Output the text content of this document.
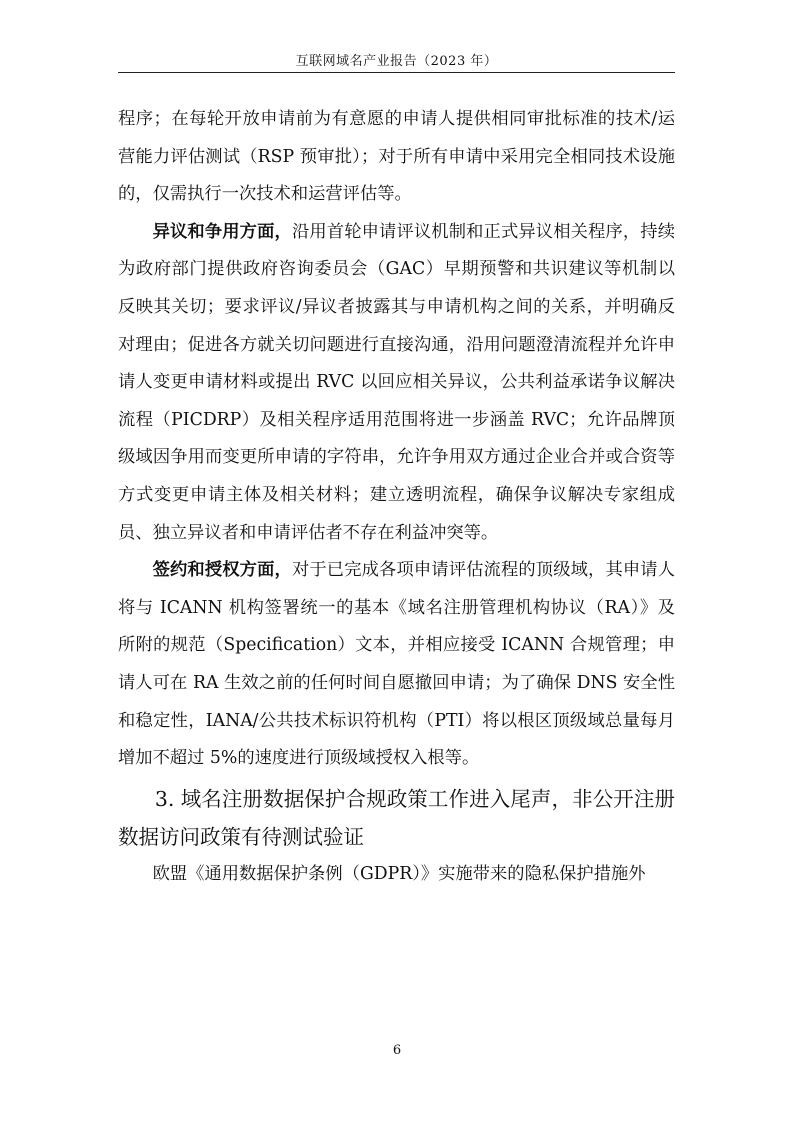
互联网域名产业报告（2023 年）

程序；在每轮开放申请前为有意愿的申请人提供相同审批标准的技术/运营能力评估测试（RSP 预审批）；对于所有申请中采用完全相同技术设施的，仅需执行一次技术和运营评估等。

异议和争用方面，沿用首轮申请评议机制和正式异议相关程序，持续为政府部门提供政府咨询委员会（GAC）早期预警和共识建议等机制以反映其关切；要求评议/异议者披露其与申请机构之间的关系，并明确反对理由；促进各方就关切问题进行直接沟通，沿用问题澄清流程并允许申请人变更申请材料或提出 RVC 以回应相关异议，公共利益承诺争议解决流程（PICDRP）及相关程序适用范围将进一步涵盖 RVC；允许品牌顶级域因争用而变更所申请的字符串，允许争用双方通过企业合并或合资等方式变更申请主体及相关材料；建立透明流程，确保争议解决专家组成员、独立异议者和申请评估者不存在利益冲突等。

签约和授权方面，对于已完成各项申请评估流程的顶级域，其申请人将与 ICANN 机构签署统一的基本《域名注册管理机构协议（RA）》及所附的规范（Specification）文本，并相应接受 ICANN 合规管理；申请人可在 RA 生效之前的任何时间自愿撤回申请；为了确保 DNS 安全性和稳定性，IANA/公共技术标识符机构（PTI）将以根区顶级域总量每月增加不超过 5%的速度进行顶级域授权入根等。

3. 域名注册数据保护合规政策工作进入尾声，非公开注册数据访问政策有待测试验证

欧盟《通用数据保护条例（GDPR）》实施带来的隐私保护措施外

6
